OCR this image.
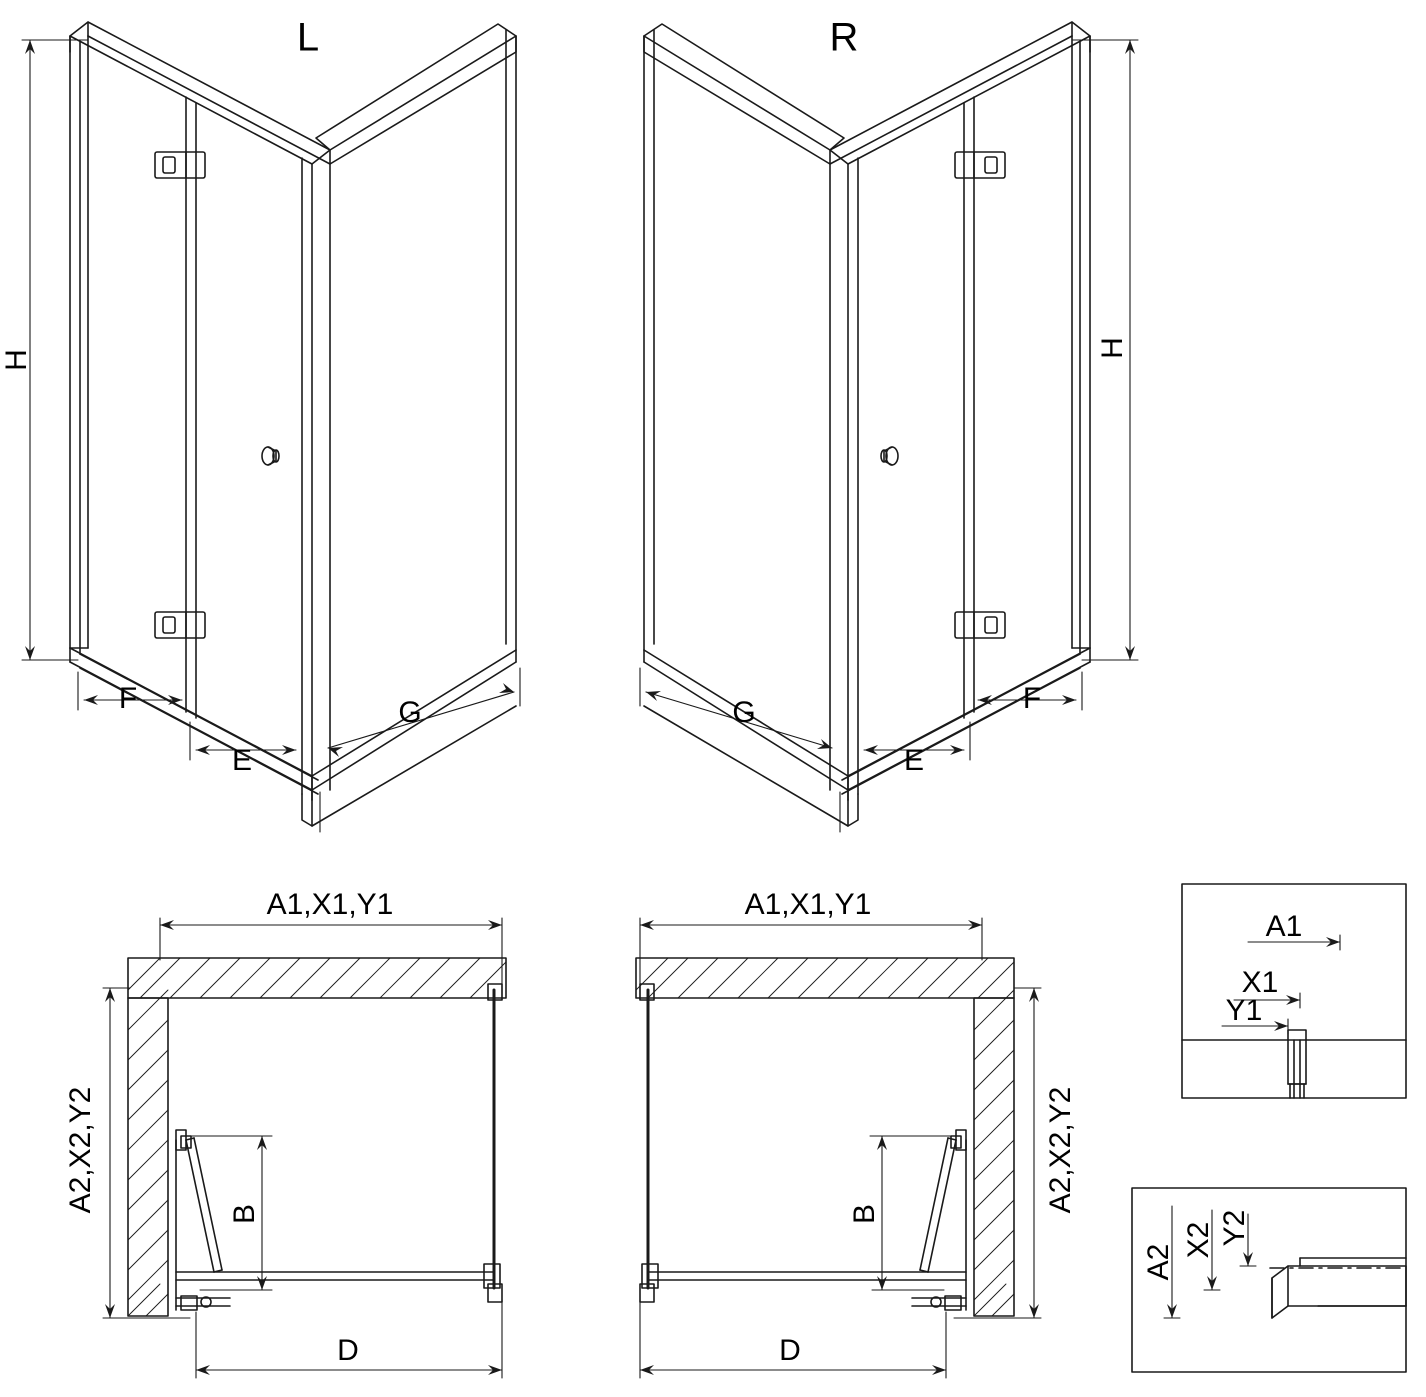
L	R
H
H
F
E
G	F
E
G
A1,X1,Y1	A1,X1,Y1
A2,X2,Y2	A2,X2,Y2
B	B
D	D
A1
X1
Y1
A2
X2 Y2
